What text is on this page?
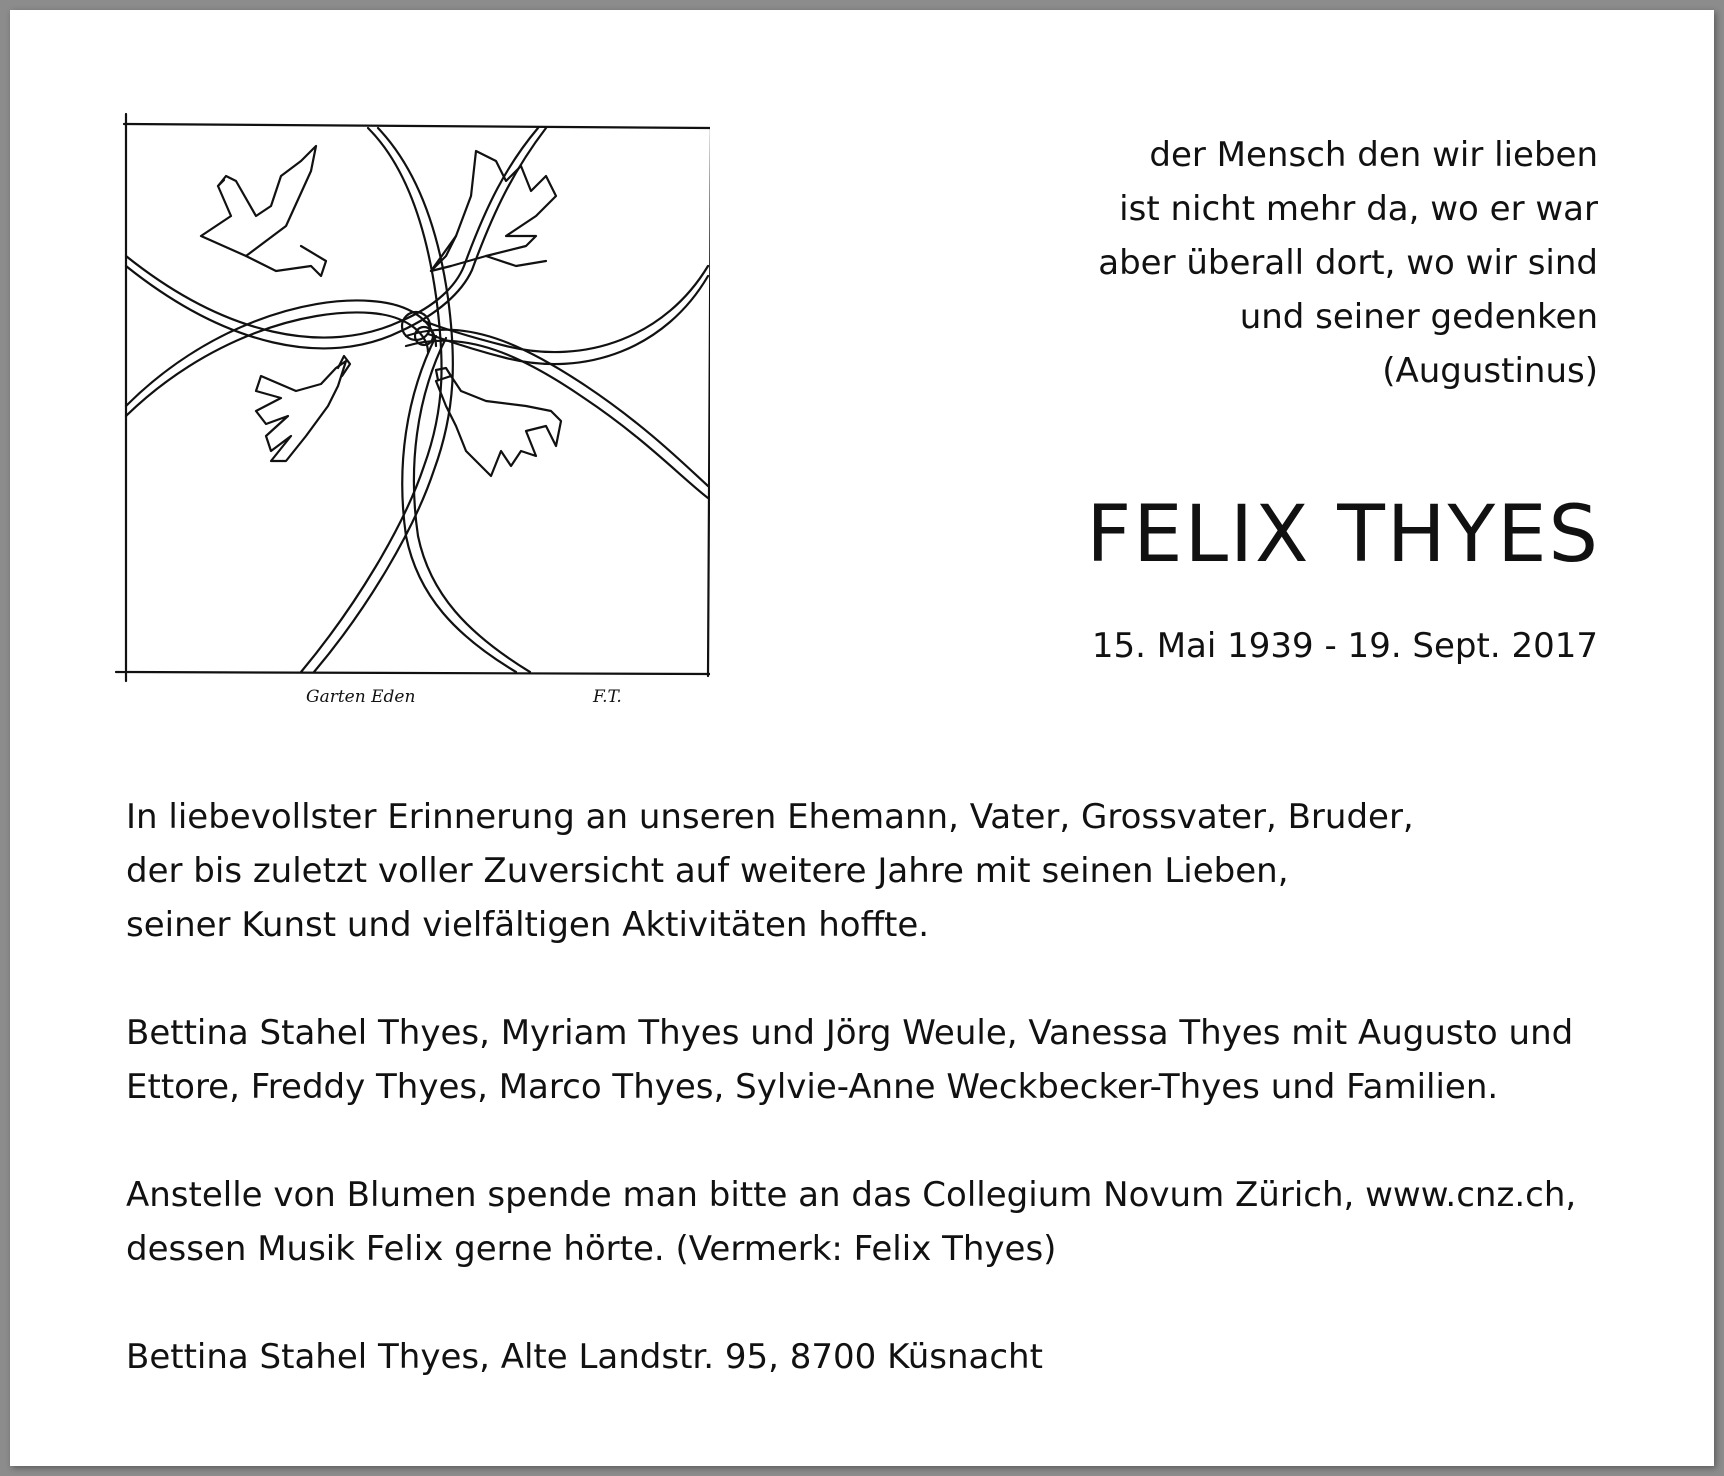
Garten Eden	F.T.
der Mensch den wir lieben
ist nicht mehr da, wo er war
aber überall dort, wo wir sind
und seiner gedenken
(Augustinus)
FELIX THYES

15. Mai 1939 - 19. Sept. 2017

In liebevollster Erinnerung an unseren Ehemann, Vater, Grossvater, Bruder,
der bis zuletzt voller Zuversicht auf weitere Jahre mit seinen Lieben,
seiner Kunst und vielfältigen Aktivitäten hoffte.
Bettina Stahel Thyes, Myriam Thyes und Jörg Weule, Vanessa Thyes mit Augusto und
Ettore, Freddy Thyes, Marco Thyes, Sylvie-Anne Weckbecker-Thyes und Familien.
Anstelle von Blumen spende man bitte an das Collegium Novum Zürich, www.cnz.ch,
dessen Musik Felix gerne hörte. (Vermerk: Felix Thyes)
Bettina Stahel Thyes, Alte Landstr. 95, 8700 Küsnacht
